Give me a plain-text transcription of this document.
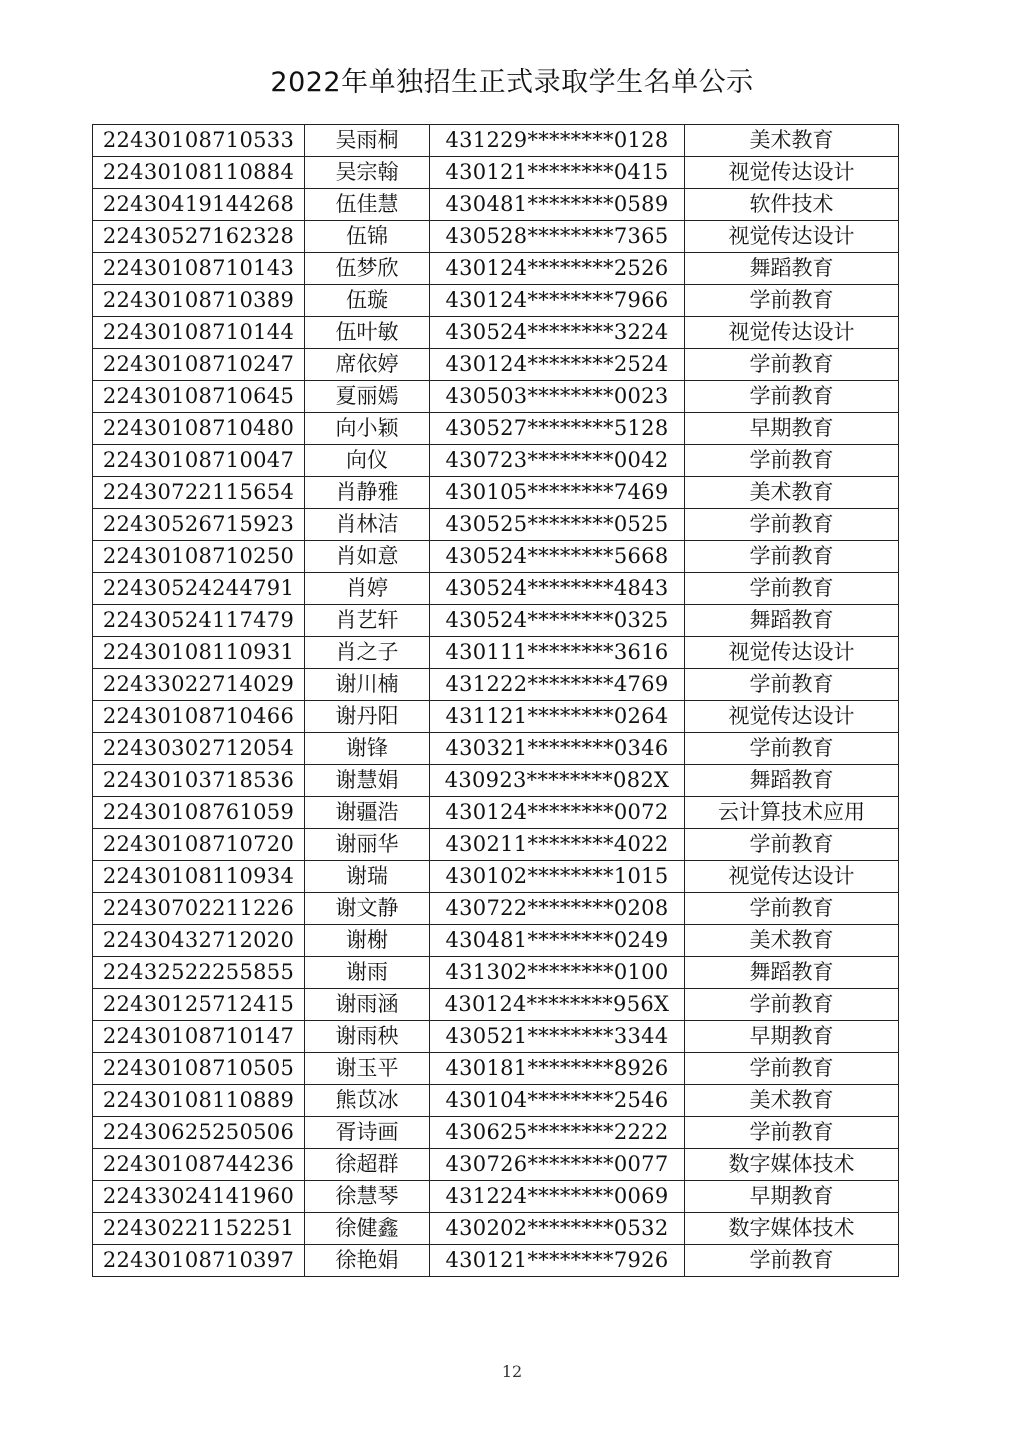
2022年单独招生正式录取学生名单公示
22430108710533	吴雨桐	431229********0128	美术教育
22430108110884	吴宗翰	430121********0415	视觉传达设计
22430419144268	伍佳慧	430481********0589	软件技术
22430527162328	伍锦	430528********7365	视觉传达设计
22430108710143	伍梦欣	430124********2526	舞蹈教育
22430108710389	伍璇	430124********7966	学前教育
22430108710144	伍叶敏	430524********3224	视觉传达设计
22430108710247	席依婷	430124********2524	学前教育
22430108710645	夏丽嫣	430503********0023	学前教育
22430108710480	向小颖	430527********5128	早期教育
22430108710047	向仪	430723********0042	学前教育
22430722115654	肖静雅	430105********7469	美术教育
22430526715923	肖林洁	430525********0525	学前教育
22430108710250	肖如意	430524********5668	学前教育
22430524244791	肖婷	430524********4843	学前教育
22430524117479	肖艺轩	430524********0325	舞蹈教育
22430108110931	肖之子	430111********3616	视觉传达设计
22433022714029	谢川楠	431222********4769	学前教育
22430108710466	谢丹阳	431121********0264	视觉传达设计
22430302712054	谢锋	430321********0346	学前教育
22430103718536	谢慧娟	430923********082X	舞蹈教育
22430108761059	谢疆浩	430124********0072	云计算技术应用
22430108710720	谢丽华	430211********4022	学前教育
22430108110934	谢瑞	430102********1015	视觉传达设计
22430702211226	谢文静	430722********0208	学前教育
22430432712020	谢榭	430481********0249	美术教育
22432522255855	谢雨	431302********0100	舞蹈教育
22430125712415	谢雨涵	430124********956X	学前教育
22430108710147	谢雨秧	430521********3344	早期教育
22430108710505	谢玉平	430181********8926	学前教育
22430108110889	熊苡冰	430104********2546	美术教育
22430625250506	胥诗画	430625********2222	学前教育
22430108744236	徐超群	430726********0077	数字媒体技术
22433024141960	徐慧琴	431224********0069	早期教育
22430221152251	徐健鑫	430202********0532	数字媒体技术
22430108710397	徐艳娟	430121********7926	学前教育
12
